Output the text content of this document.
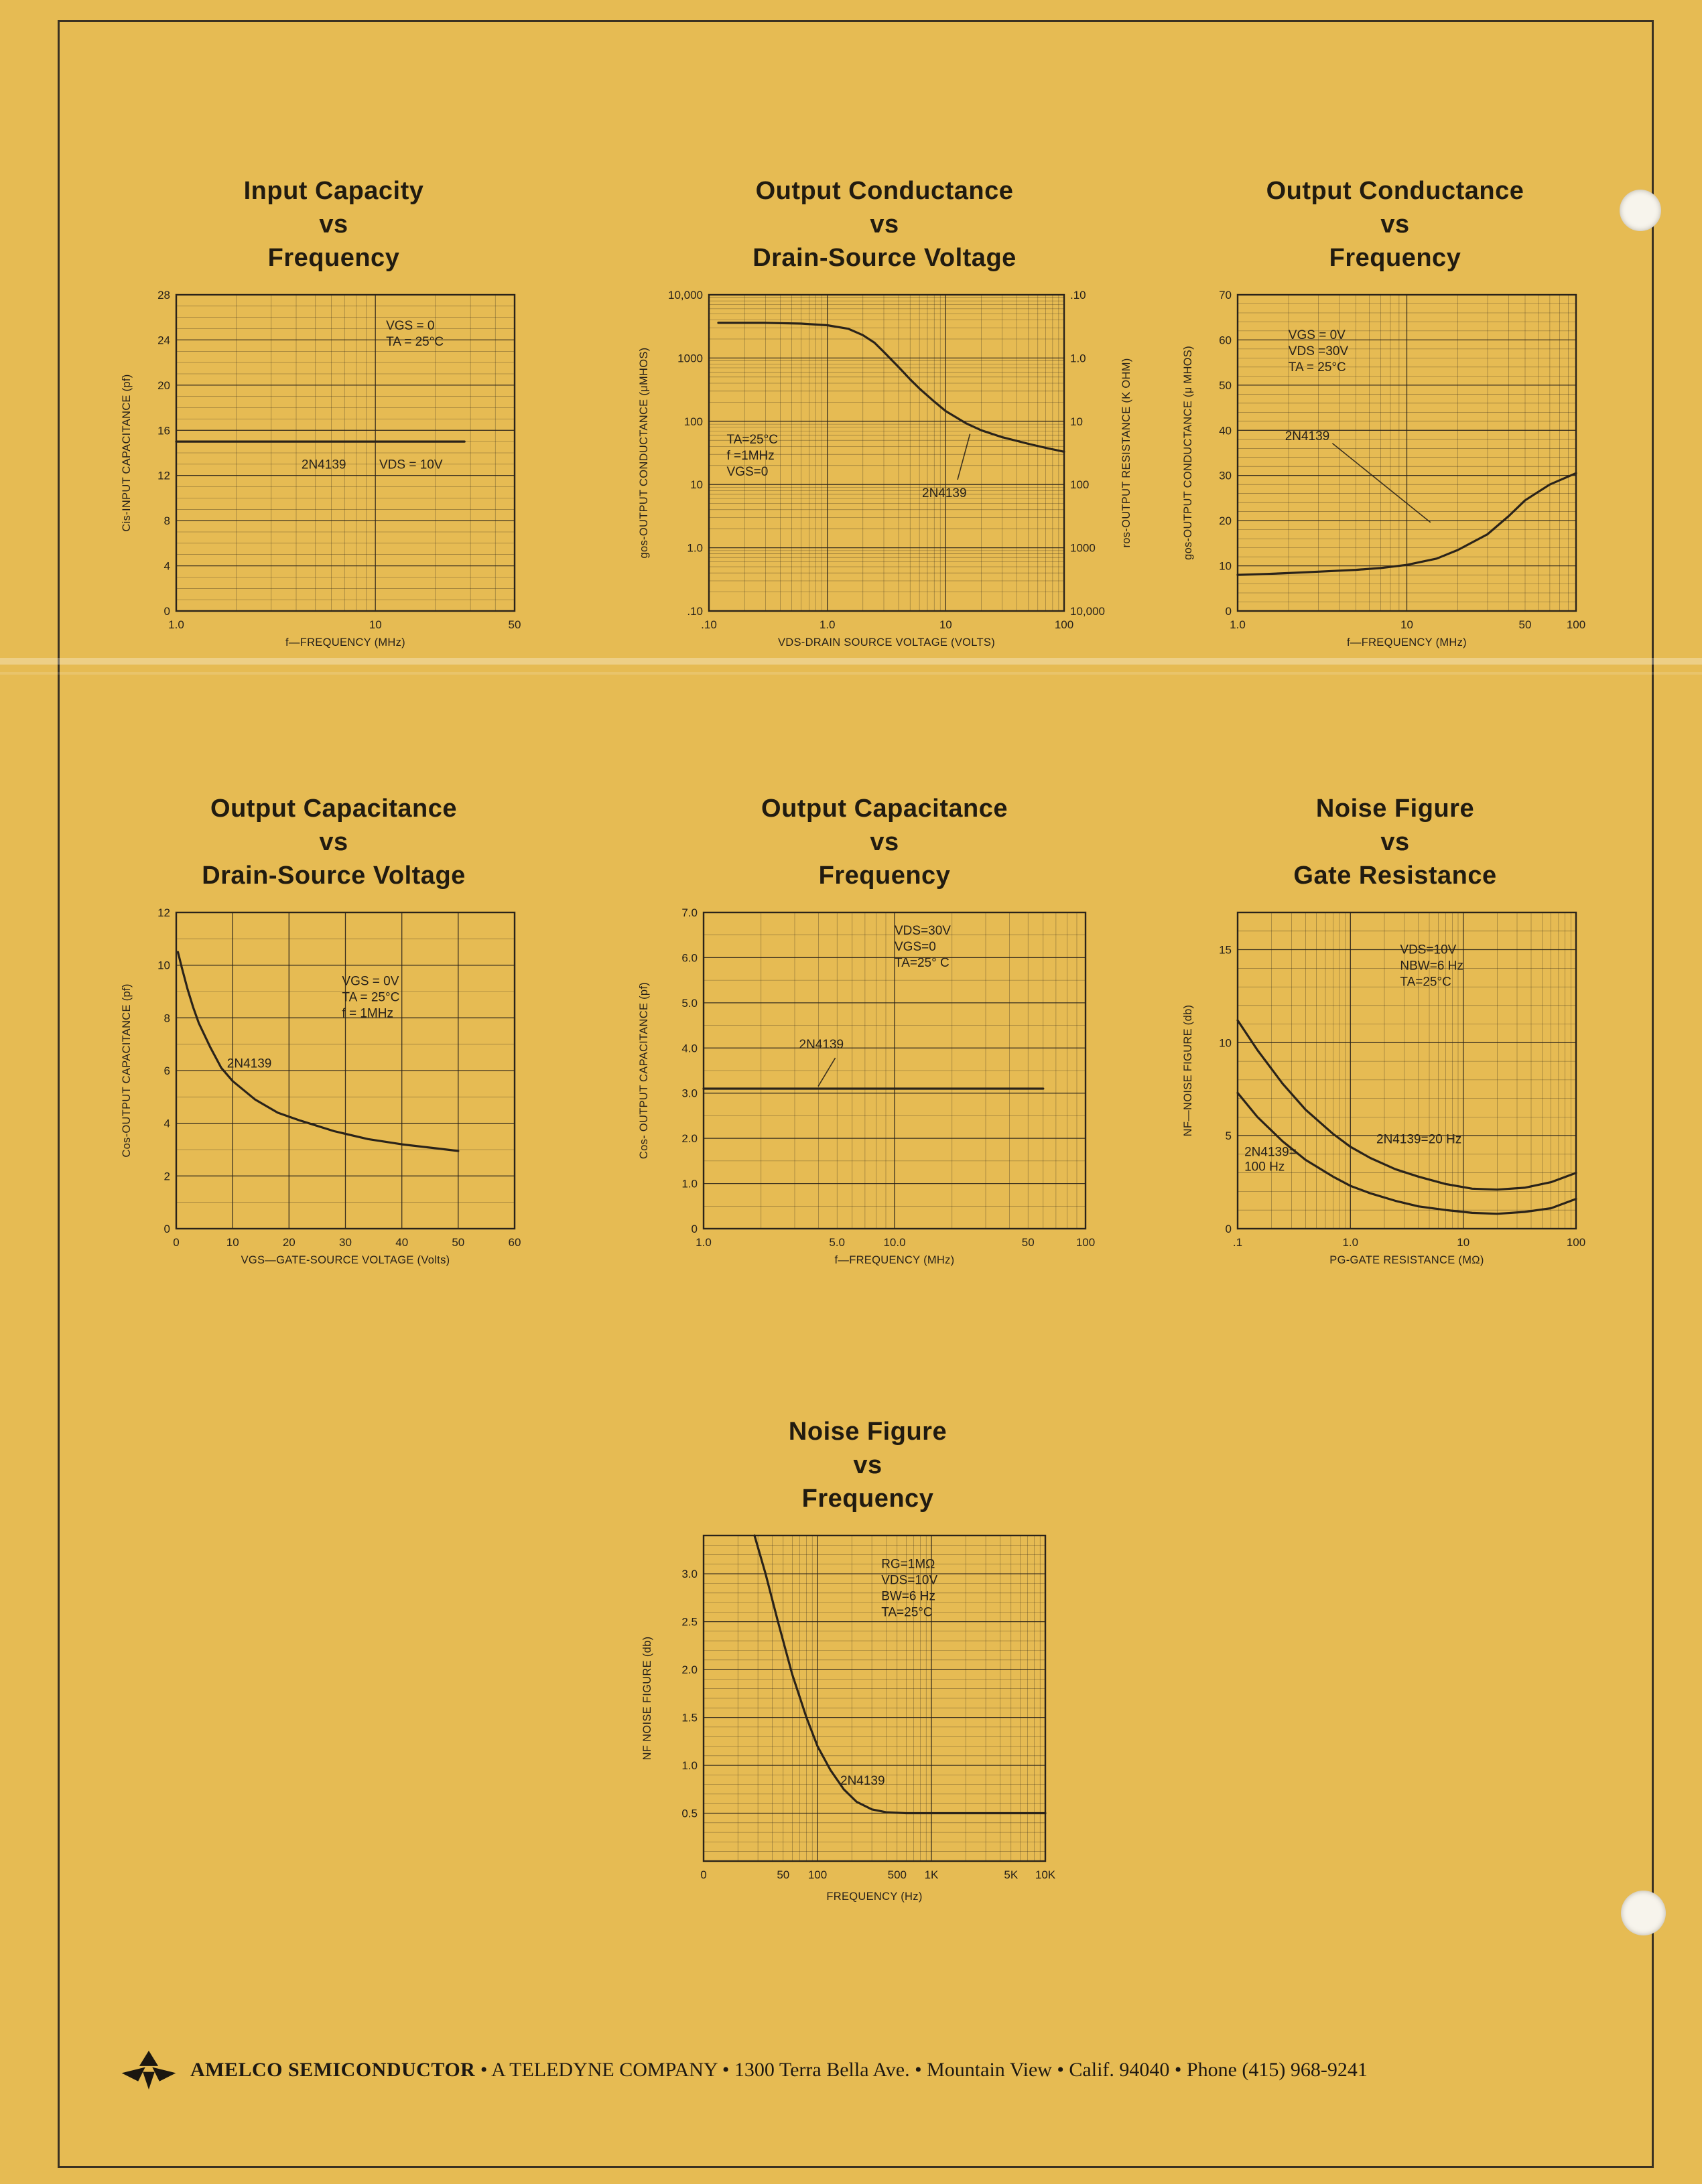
Input Capacity
vs
Frequency
1.0	10	50
0
4
8
12
16
20
24
28
f—FREQUENCY (MHz)
Cis-INPUT CAPACITANCE (pf)
VGS = 0
TA = 25°C
2N4139	VDS = 10V
Output Conductance
vs
Drain-Source Voltage
.10	1.0	10	100
10,000
1000
100
10
1.0
.10
.10
1.0
10
100
1000
10,000
ros-OUTPUT RESISTANCE (K OHM)
VDS-DRAIN SOURCE VOLTAGE (VOLTS)
gos-OUTPUT CONDUCTANCE (μMHOS)	TA=25°C
f =1MHz
VGS=0
2N4139
Output Conductance
vs
Frequency
1.0	10	50	100
0
10
20
30
40
50
60
70
f—FREQUENCY (MHz)
gos-OUTPUT CONDUCTANCE (μ MHOS)
VGS = 0V
VDS =30V
TA = 25°C
2N4139
Output Capacitance
vs
Drain-Source Voltage
0	10	20	30	40	50	60
0
2
4
6
8
10
12
VGS—GATE-SOURCE VOLTAGE (Volts)
Cos-OUTPUT CAPACITANCE (pf)
VGS = 0V
TA = 25°C
f = 1MHz
2N4139
Output Capacitance
vs
Frequency
1.0	5.0	10.0	50	100
0
1.0
2.0
3.0
4.0
5.0
6.0
7.0
f—FREQUENCY (MHz)
Cos- OUTPUT CAPACITANCE (pf)
VDS=30V
VGS=0
TA=25° C
2N4139
Noise Figure
vs
Gate Resistance
.1	1.0	10	100
0
5
10
15
PG-GATE RESISTANCE (MΩ)
NF—NOISE FIGURE (db)
VDS=10V
NBW=6 Hz
TA=25°C
2N4139=20 Hz
2N4139=
100 Hz
Noise Figure
vs
Frequency
0	50 100	500 1K	5K 10K
0.5
1.0
1.5
2.0
2.5
3.0
FREQUENCY (Hz)
NF NOISE FIGURE (db)
RG=1MΩ
VDS=10V
BW=6 Hz
TA=25°C
2N4139
AMELCO SEMICONDUCTOR • A TELEDYNE COMPANY • 1300 Terra Bella Ave. • Mountain View • Calif. 94040 • Phone (415) 968-9241
